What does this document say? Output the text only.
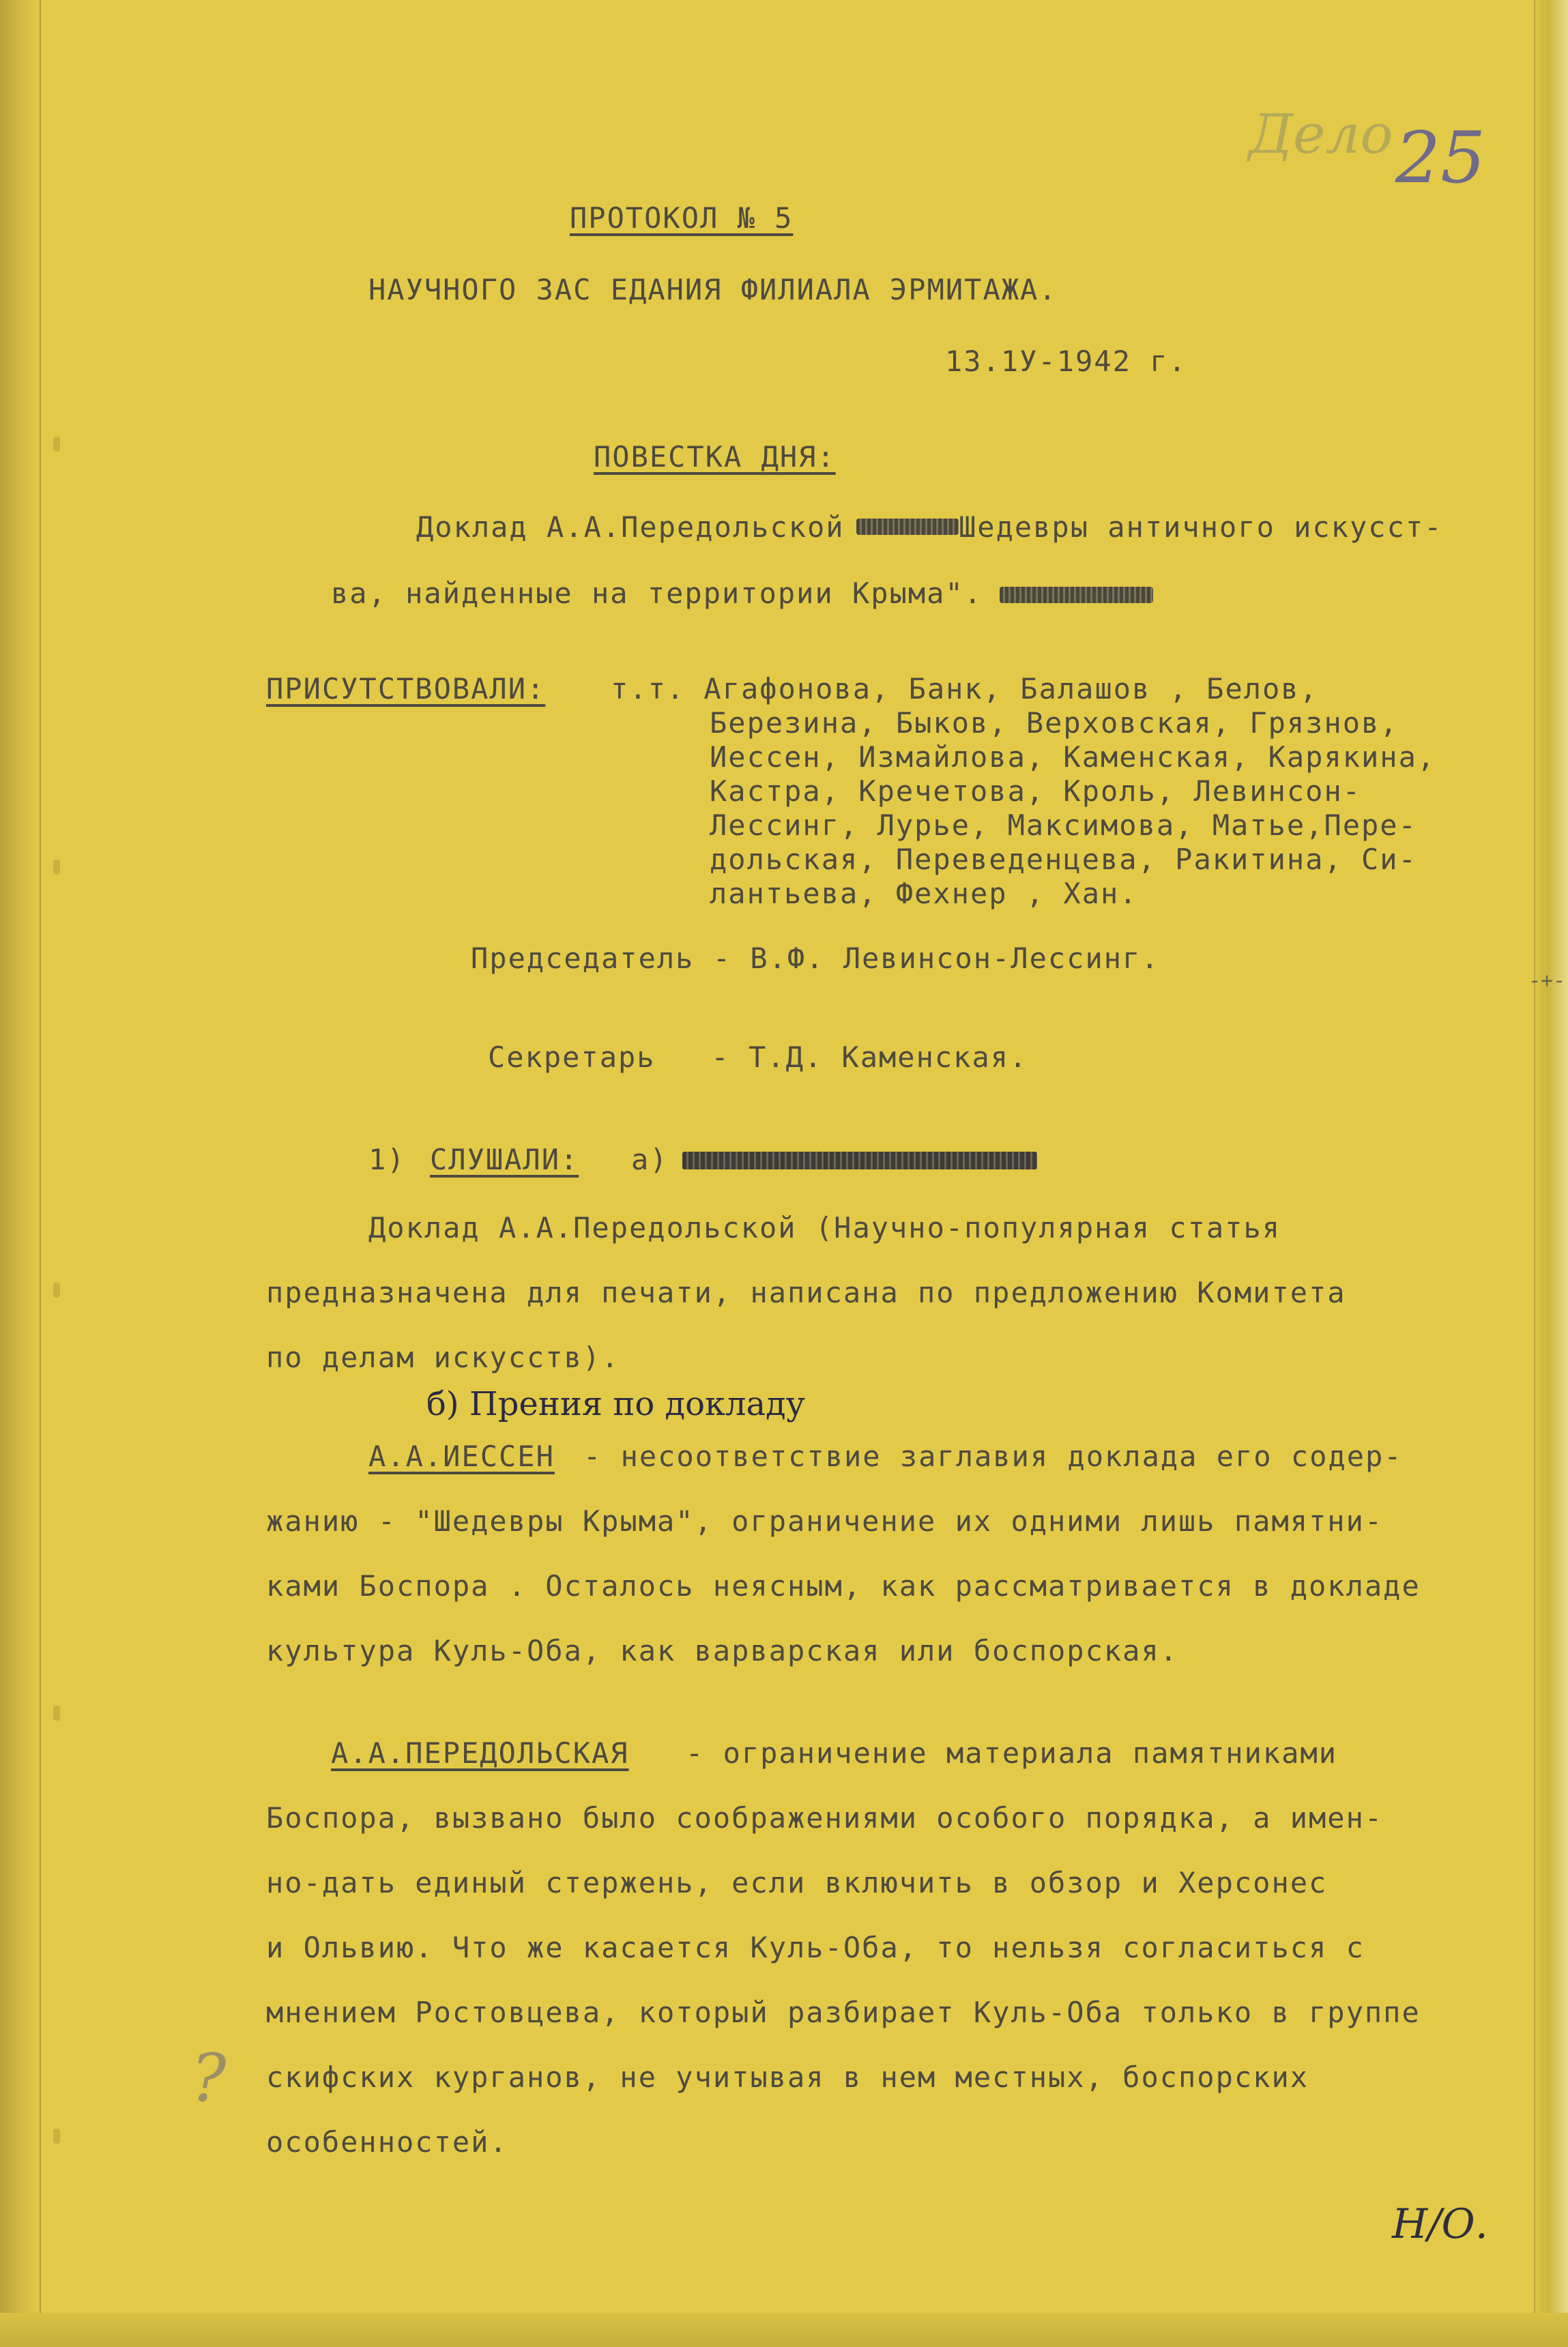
-+-
Дело 25
ПРОТОКОЛ № 5
НАУЧНОГО ЗАС ЕДАНИЯ ФИЛИАЛА ЭРМИТАЖА.
13.1У-1942 г.
ПОВЕСТКА ДНЯ:
Доклад А.А.Передольской	Шедевры античного искусст-
ва, найденные на территории Крыма".
ПРИСУТСТВОВАЛИ: т.т. Агафонова, Банк, Балашов , Белов,
Березина, Быков, Верховская, Грязнов,
Иессен, Измайлова, Каменская, Карякина,
Кастра, Кречетова, Кроль, Левинсон-
Лессинг, Лурье, Максимова, Матье,Пере-
дольская, Переведенцева, Ракитина, Си-
лантьева, Фехнер , Хан.
Председатель - В.Ф. Левинсон-Лессинг.
Секретарь   - Т.Д. Каменская.
1) СЛУШАЛИ: а)
Доклад А.А.Передольской (Научно-популярная статья
предназначена для печати, написана по предложению Комитета
по делам искусств).
б) Прения по докладу
А.А.ИЕССЕН - несоответствие заглавия доклада его содер-
жанию - "Шедевры Крыма", ограничение их одними лишь памятни-
ками Боспора . Осталось неясным, как рассматривается в докладе
культура Куль-Оба, как варварская или боспорская.
А.А.ПЕРЕДОЛЬСКАЯ - ограничение материала памятниками
Боспора, вызвано было соображениями особого порядка, а имен-
но-дать единый стержень, если включить в обзор и Херсонес
и Ольвию. Что же касается Куль-Оба, то нельзя согласиться с
мнением Ростовцева, который разбирает Куль-Оба только в группе
скифских курганов, не учитывая в нем местных, боспорских
особенностей.
?
Н/О.
